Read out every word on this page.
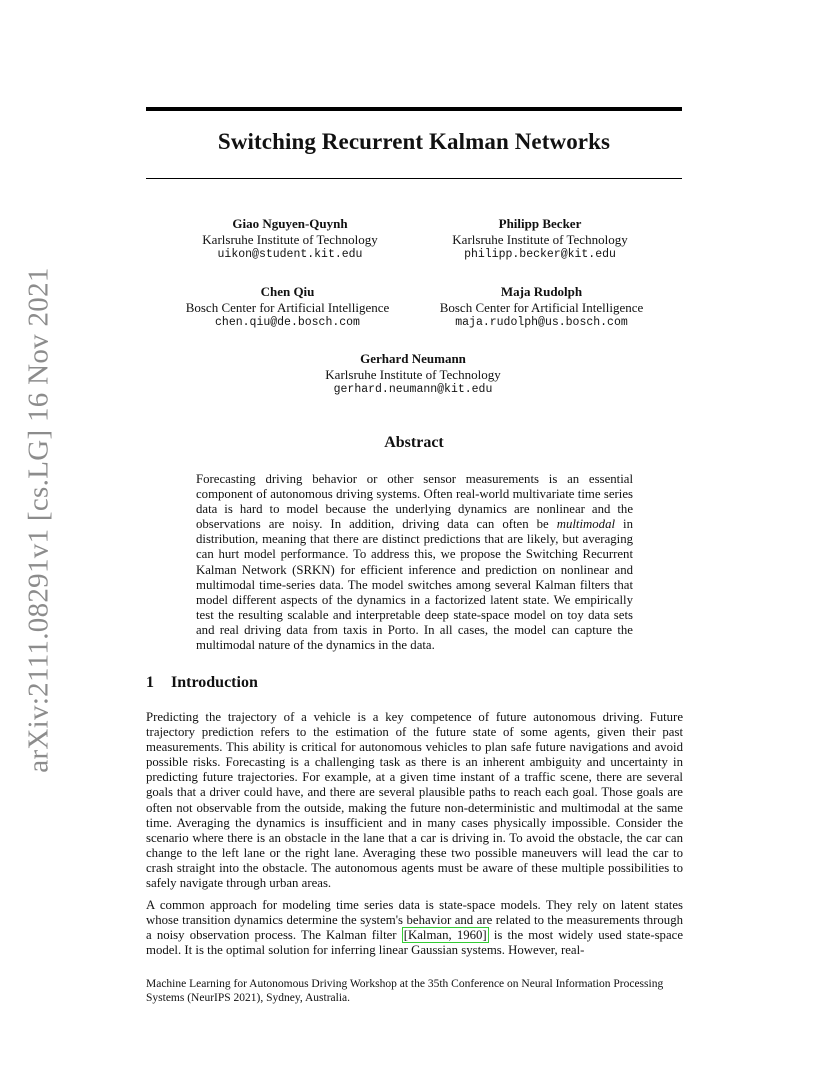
arXiv:2111.08291v1 [cs.LG] 16 Nov 2021
Switching Recurrent Kalman Networks
Giao Nguyen-Quynh
Karlsruhe Institute of Technology
uikon@student.kit.edu
Philipp Becker
Karlsruhe Institute of Technology
philipp.becker@kit.edu
Chen Qiu
Bosch Center for Artificial Intelligence
chen.qiu@de.bosch.com
Maja Rudolph
Bosch Center for Artificial Intelligence
maja.rudolph@us.bosch.com
Gerhard Neumann
Karlsruhe Institute of Technology
gerhard.neumann@kit.edu
Abstract
Forecasting driving behavior or other sensor measurements is an essential component of autonomous driving systems. Often real-world multivariate time series data is hard to model because the underlying dynamics are nonlinear and the observations are noisy. In addition, driving data can often be multimodal in distribution, meaning that there are distinct predictions that are likely, but averaging can hurt model performance. To address this, we propose the Switching Recurrent Kalman Network (SRKN) for efficient inference and prediction on nonlinear and multimodal time-series data. The model switches among several Kalman filters that model different aspects of the dynamics in a factorized latent state. We empirically test the resulting scalable and interpretable deep state-space model on toy data sets and real driving data from taxis in Porto. In all cases, the model can capture the multimodal nature of the dynamics in the data.
1 Introduction
Predicting the trajectory of a vehicle is a key competence of future autonomous driving. Future trajectory prediction refers to the estimation of the future state of some agents, given their past measurements. This ability is critical for autonomous vehicles to plan safe future navigations and avoid possible risks. Forecasting is a challenging task as there is an inherent ambiguity and uncertainty in predicting future trajectories. For example, at a given time instant of a traffic scene, there are several goals that a driver could have, and there are several plausible paths to reach each goal. Those goals are often not observable from the outside, making the future non-deterministic and multimodal at the same time. Averaging the dynamics is insufficient and in many cases physically impossible. Consider the scenario where there is an obstacle in the lane that a car is driving in. To avoid the obstacle, the car can change to the left lane or the right lane. Averaging these two possible maneuvers will lead the car to crash straight into the obstacle. The autonomous agents must be aware of these multiple possibilities to safely navigate through urban areas.
A common approach for modeling time series data is state-space models. They rely on latent states whose transition dynamics determine the system's behavior and are related to the measurements through a noisy observation process. The Kalman filter [Kalman, 1960] is the most widely used state-space model. It is the optimal solution for inferring linear Gaussian systems. However, real-
Machine Learning for Autonomous Driving Workshop at the 35th Conference on Neural Information Processing Systems (NeurIPS 2021), Sydney, Australia.
